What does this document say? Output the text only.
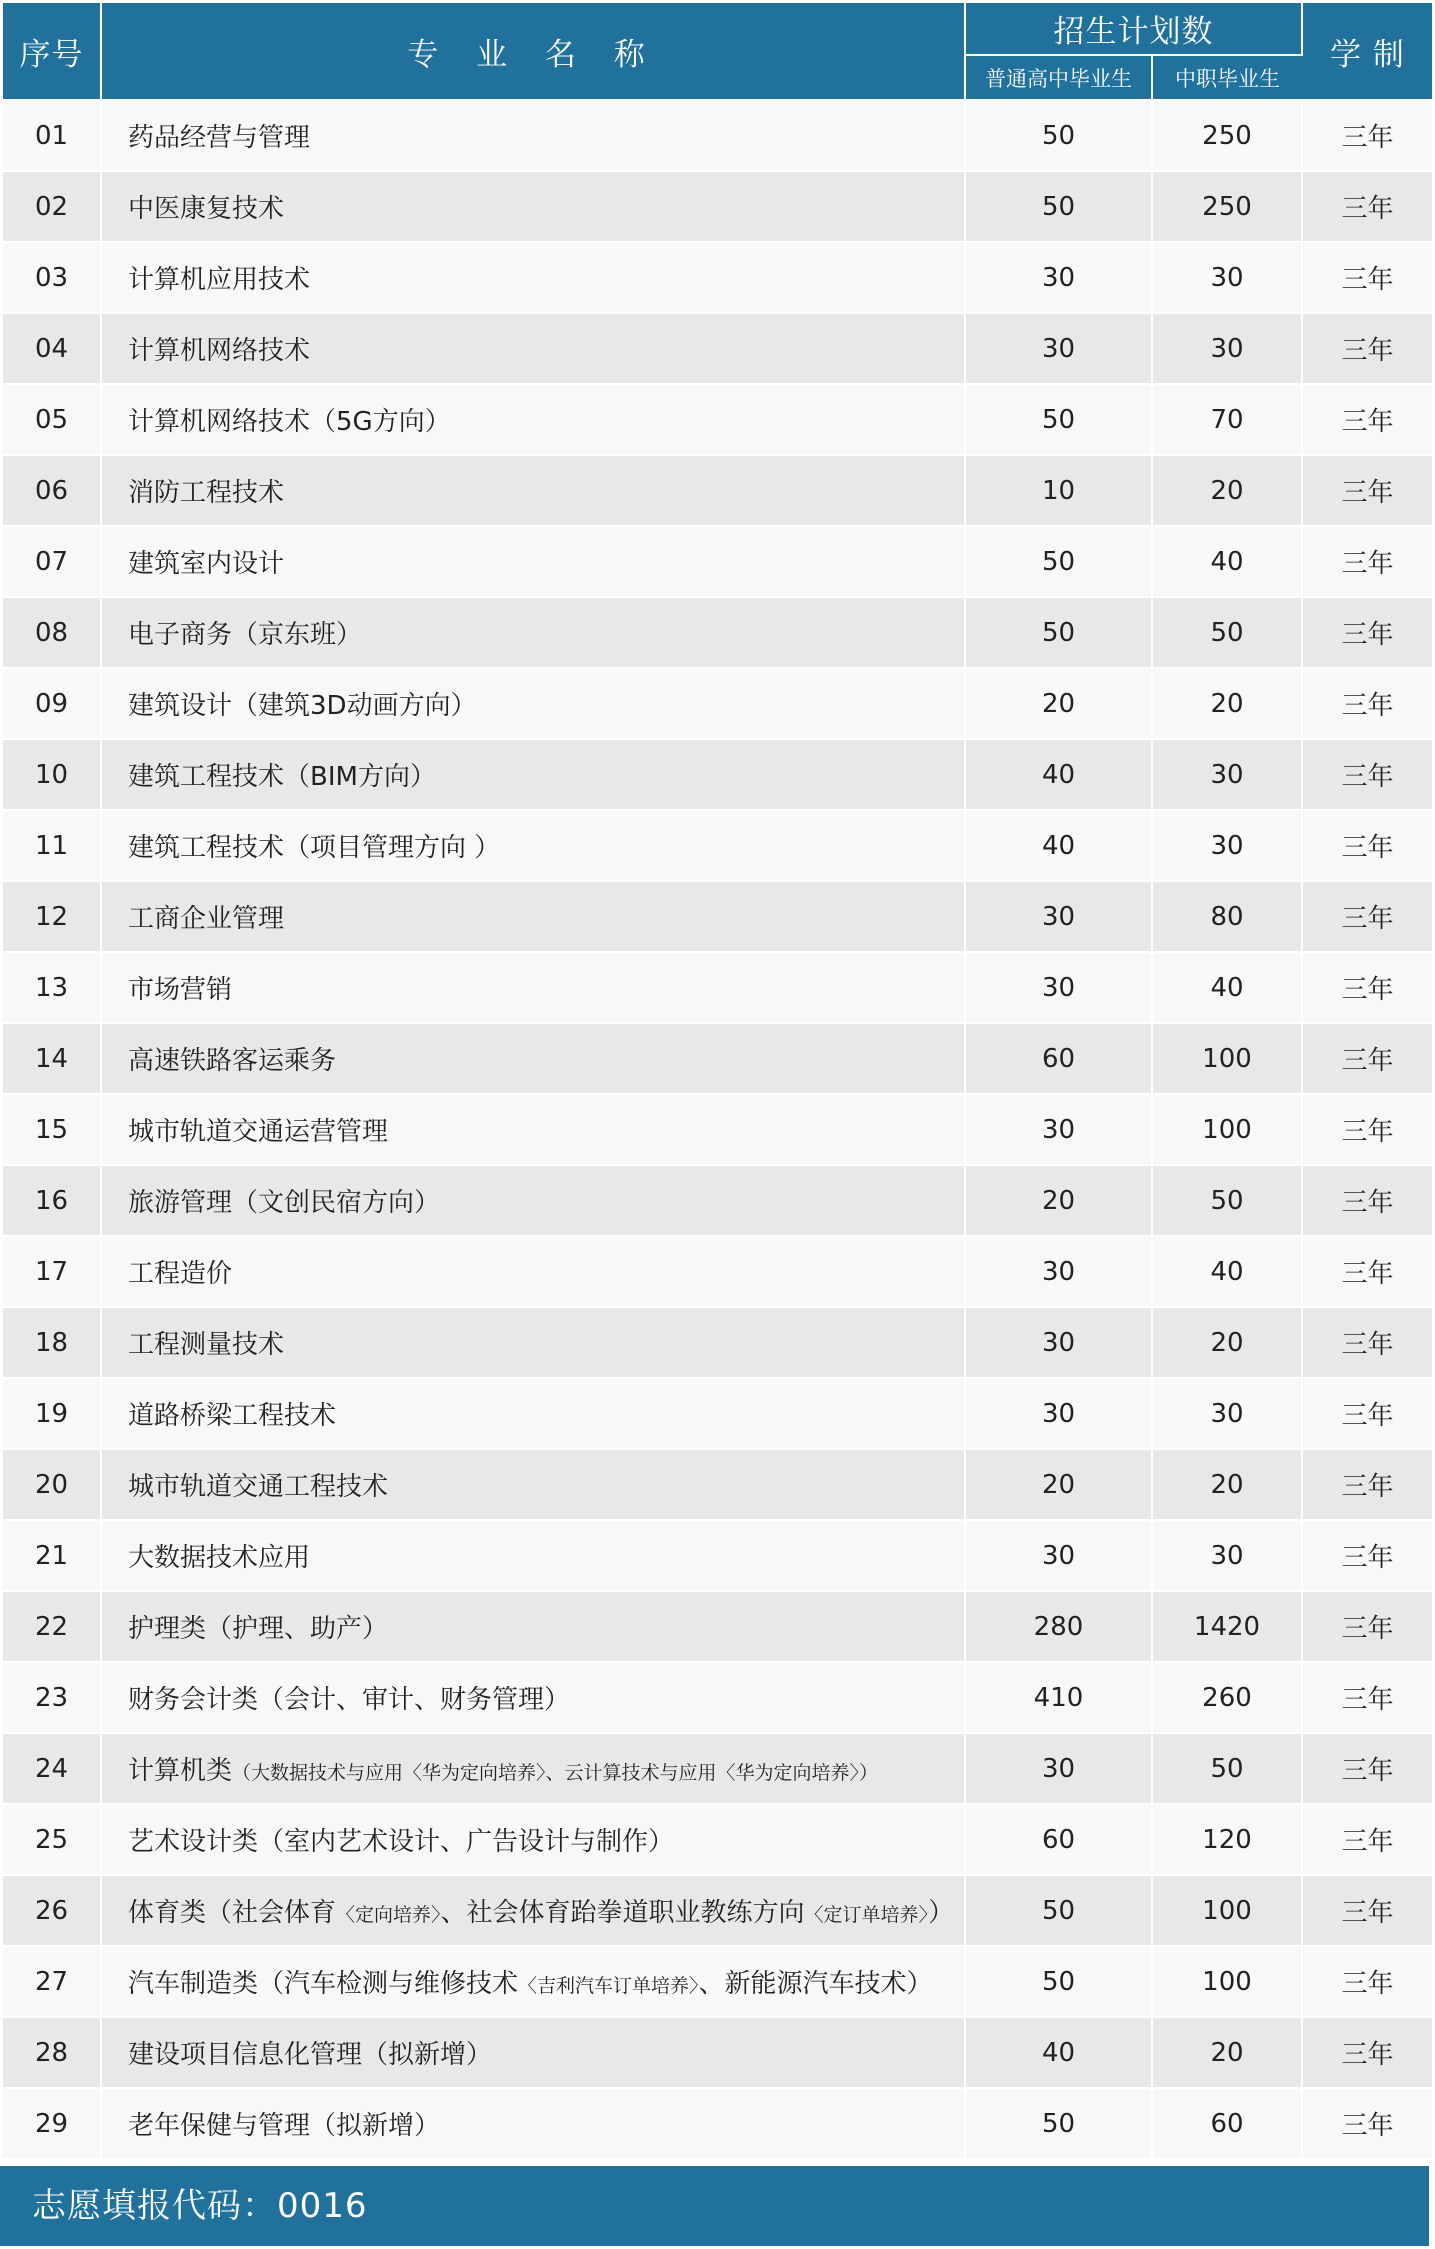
序号	专 业 名 称	招生计划数		学 制
		普通高中毕业生	中职毕业生	
01	药品经营与管理	50	250	三年
02	中医康复技术	50	250	三年
03	计算机应用技术	30	30	三年
04	计算机网络技术	30	30	三年
05	计算机网络技术（5G方向）	50	70	三年
06	消防工程技术	10	20	三年
07	建筑室内设计	50	40	三年
08	电子商务（京东班）	50	50	三年
09	建筑设计（建筑3D动画方向）	20	20	三年
10	建筑工程技术（BIM方向）	40	30	三年
11	建筑工程技术（项目管理方向 ）	40	30	三年
12	工商企业管理	30	80	三年
13	市场营销	30	40	三年
14	高速铁路客运乘务	60	100	三年
15	城市轨道交通运营管理	30	100	三年
16	旅游管理（文创民宿方向）	20	50	三年
17	工程造价	30	40	三年
18	工程测量技术	30	20	三年
19	道路桥梁工程技术	30	30	三年
20	城市轨道交通工程技术	20	20	三年
21	大数据技术应用	30	30	三年
22	护理类（护理、助产）	280	1420	三年
23	财务会计类（会计、审计、财务管理）	410	260	三年
24	计算机类（大数据技术与应用〈华为定向培养〉、云计算技术与应用〈华为定向培养〉）	30	50	三年
25	艺术设计类（室内艺术设计、广告设计与制作）	60	120	三年
26	体育类（社会体育〈定向培养〉、社会体育跆拳道职业教练方向〈定订单培养〉）	50	100	三年
27	汽车制造类（汽车检测与维修技术〈吉利汽车订单培养〉、新能源汽车技术）	50	100	三年
28	建设项目信息化管理（拟新增）	40	20	三年
29	老年保健与管理（拟新增）	50	60	三年
志愿填报代码：0016
